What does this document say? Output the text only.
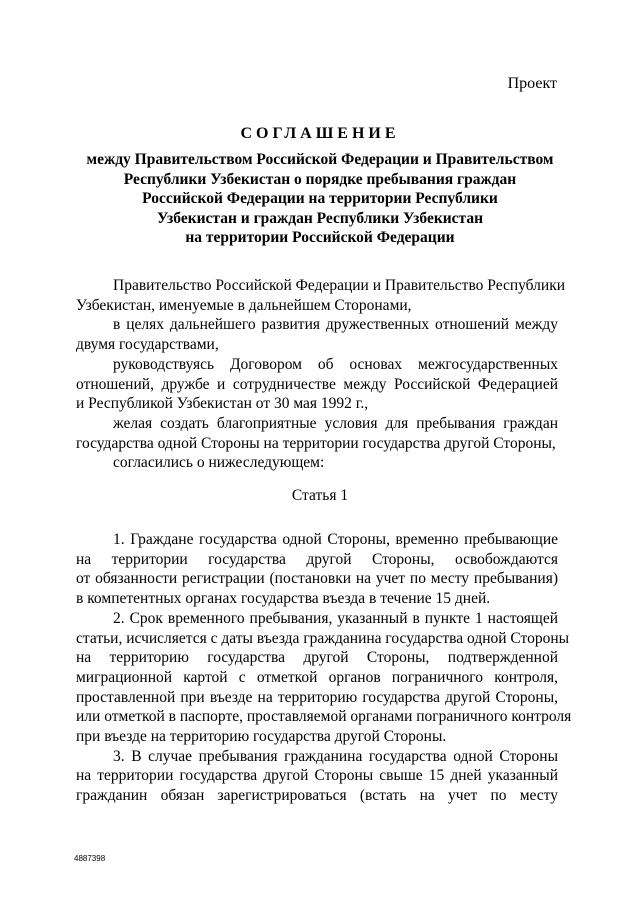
Проект
СОГЛАШЕНИЕ
между Правительством Российской Федерации и Правительством
Республики Узбекистан о порядке пребывания граждан
Российской Федерации на территории Республики
Узбекистан и граждан Республики Узбекистан
на территории Российской Федерации
Правительство Российской Федерации и Правительство Республики
Узбекистан, именуемые в дальнейшем Сторонами,
в целях дальнейшего развития дружественных отношений между
двумя государствами,
руководствуясь Договором об основах межгосударственных
отношений, дружбе и сотрудничестве между Российской Федерацией
и Республикой Узбекистан от 30 мая 1992 г.,
желая создать благоприятные условия для пребывания граждан
государства одной Стороны на территории государства другой Стороны,
согласились о нижеследующем:
Статья 1
1. Граждане государства одной Стороны, временно пребывающие
на территории государства другой Стороны, освобождаются
от обязанности регистрации (постановки на учет по месту пребывания)
в компетентных органах государства въезда в течение 15 дней.
2. Срок временного пребывания, указанный в пункте 1 настоящей
статьи, исчисляется с даты въезда гражданина государства одной Стороны
на территорию государства другой Стороны, подтвержденной
миграционной картой с отметкой органов пограничного контроля,
проставленной при въезде на территорию государства другой Стороны,
или отметкой в паспорте, проставляемой органами пограничного контроля
при въезде на территорию государства другой Стороны.
3. В случае пребывания гражданина государства одной Стороны
на территории государства другой Стороны свыше 15 дней указанный
гражданин обязан зарегистрироваться (встать на учет по месту
4887398
